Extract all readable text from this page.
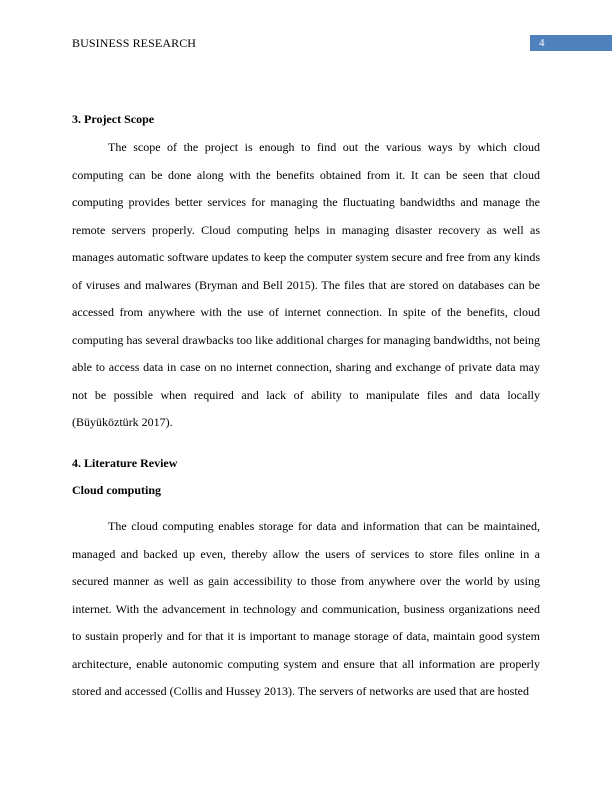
BUSINESS RESEARCH	4
3. Project Scope

The scope of the project is enough to find out the various ways by which cloud computing can be done along with the benefits obtained from it. It can be seen that cloud computing provides better services for managing the fluctuating bandwidths and manage the remote servers properly. Cloud computing helps in managing disaster recovery as well as manages automatic software updates to keep the computer system secure and free from any kinds of viruses and malwares (Bryman and Bell 2015). The files that are stored on databases can be accessed from anywhere with the use of internet connection. In spite of the benefits, cloud computing has several drawbacks too like additional charges for managing bandwidths, not being able to access data in case on no internet connection, sharing and exchange of private data may not be possible when required and lack of ability to manipulate files and data locally (Büyüköztürk 2017).

4. Literature Review
Cloud computing

The cloud computing enables storage for data and information that can be maintained, managed and backed up even, thereby allow the users of services to store files online in a secured manner as well as gain accessibility to those from anywhere over the world by using internet. With the advancement in technology and communication, business organizations need to sustain properly and for that it is important to manage storage of data, maintain good system architecture, enable autonomic computing system and ensure that all information are properly stored and accessed (Collis and Hussey 2013). The servers of networks are used that are hosted
